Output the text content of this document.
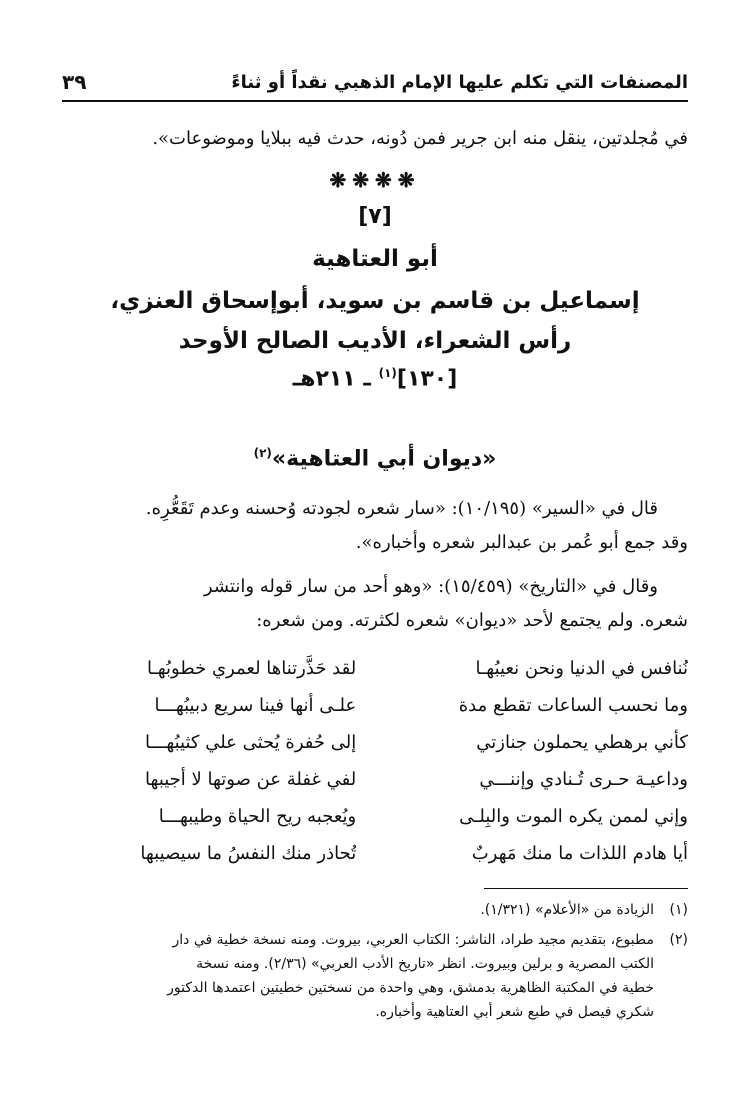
المصنفات التي تكلم عليها الإمام الذهبي نقداً أو ثناءً
٣٩
في مُجلدتين، ينقل منه ابن جرير فمن دُونه، حدث فيه ببلايا وموضوعات».
❋❋❋❋
[٧]
أبو العتاهية
إسماعيل بن قاسم بن سويد، أبوإسحاق العنزي،
رأس الشعراء، الأديب الصالح الأوحد
[١٣٠]$^{(١)}$ ـ ٢١١هـ
«ديوان أبي العتاهية»$^{(٢)}$
قال في «السير» (١٠/١٩٥): «سار شعره لجودته وُحسنه وعدم تَقَعُّرِه.
وقد جمع أبو عُمر بن عبدالبر شعره وأخباره».
وقال في «التاريخ» (١٥/٤٥٩): «وهو أحد من سار قوله وانتشر
شعره. ولم يجتمع لأحد «ديوان» شعره لكثرته. ومن شعره:
نُنافس في الدنيا ونحن نعيبُهـا
لقد حَذَّرتناها لعمري خطوبُهـا
وما نحسب الساعات تقطع مدة
علـى أنها فينا سريع دبيبُهـــا
كأني برهطي يحملون جنازتي
إلى حُفرة يُحثى علي كثيبُهـــا
وداعيـة حـرى تُـنادي وإننـــي
لفي غفلة عن صوتها لا أجيبها
وإني لممن يكره الموت والبِلـى
ويُعجبه ريح الحياة وطيبهـــا
أيا هادم اللذات ما منك مَهربٌ
تُحاذر منك النفسُ ما سيصيبها
(١)
الزيادة من «الأعلام» (١/٣٢١).
(٢)
مطبوع، بتقديم مجيد طراد، الناشر: الكتاب العربي، بيروت. ومنه نسخة خطية في دار
الكتب المصرية و برلين وبيروت. انظر «تاريخ الأدب العربي» (٢/٣٦). ومنه نسخة
خطية في المكتبة الظاهرية بدمشق، وهي واحدة من نسختين خطيتين اعتمدها الدكتور
شكري فيصل في طبع شعر أبي العتاهية وأخباره.
